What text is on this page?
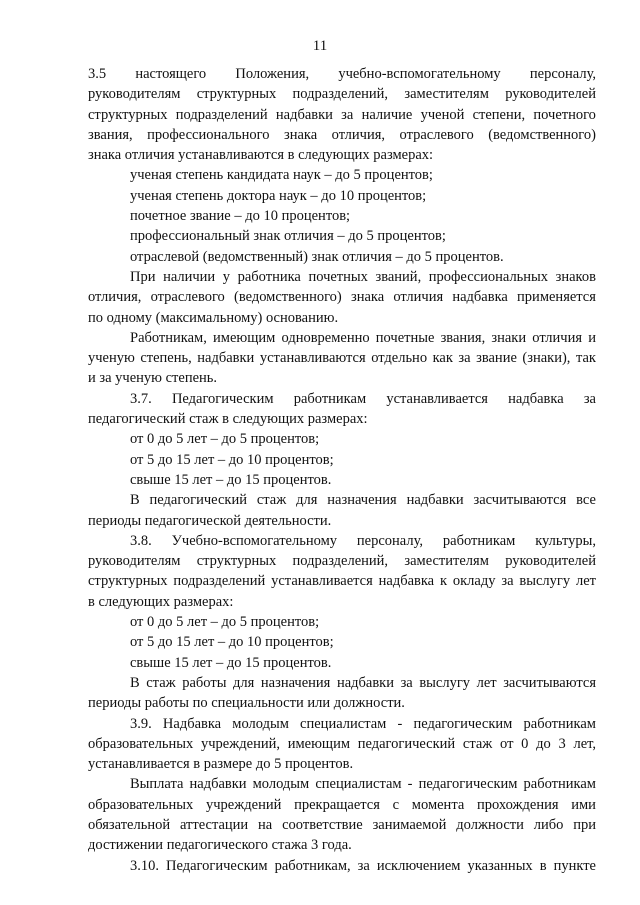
11
3.5 настоящего Положения, учебно-вспомогательному персоналу,
руководителям структурных подразделений, заместителям руководителей
структурных подразделений надбавки за наличие ученой степени, почетного
звания, профессионального знака отличия, отраслевого (ведомственного)
знака отличия устанавливаются в следующих размерах:
ученая степень кандидата наук – до 5 процентов;
ученая степень доктора наук – до 10 процентов;
почетное звание – до 10 процентов;
профессиональный знак отличия – до 5 процентов;
отраслевой (ведомственный) знак отличия – до 5 процентов.
При наличии у работника почетных званий, профессиональных знаков
отличия, отраслевого (ведомственного) знака отличия надбавка применяется
по одному (максимальному) основанию.
Работникам, имеющим одновременно почетные звания, знаки отличия и
ученую степень, надбавки устанавливаются отдельно как за звание (знаки), так
и за ученую степень.
3.7. Педагогическим работникам устанавливается надбавка за
педагогический стаж в следующих размерах:
от 0 до 5 лет – до 5 процентов;
от 5 до 15 лет – до 10 процентов;
свыше 15 лет – до 15 процентов.
В педагогический стаж для назначения надбавки засчитываются все
периоды педагогической деятельности.
3.8. Учебно-вспомогательному персоналу, работникам культуры,
руководителям структурных подразделений, заместителям руководителей
структурных подразделений устанавливается надбавка к окладу за выслугу лет
в следующих размерах:
от 0 до 5 лет – до 5 процентов;
от 5 до 15 лет – до 10 процентов;
свыше 15 лет – до 15 процентов.
В стаж работы для назначения надбавки за выслугу лет засчитываются
периоды работы по специальности или должности.
3.9. Надбавка молодым специалистам - педагогическим работникам
образовательных учреждений, имеющим педагогический стаж от 0 до 3 лет,
устанавливается в размере до 5 процентов.
Выплата надбавки молодым специалистам - педагогическим работникам
образовательных учреждений прекращается с момента прохождения ими
обязательной аттестации на соответствие занимаемой должности либо при
достижении педагогического стажа 3 года.
3.10. Педагогическим работникам, за исключением указанных в пункте
